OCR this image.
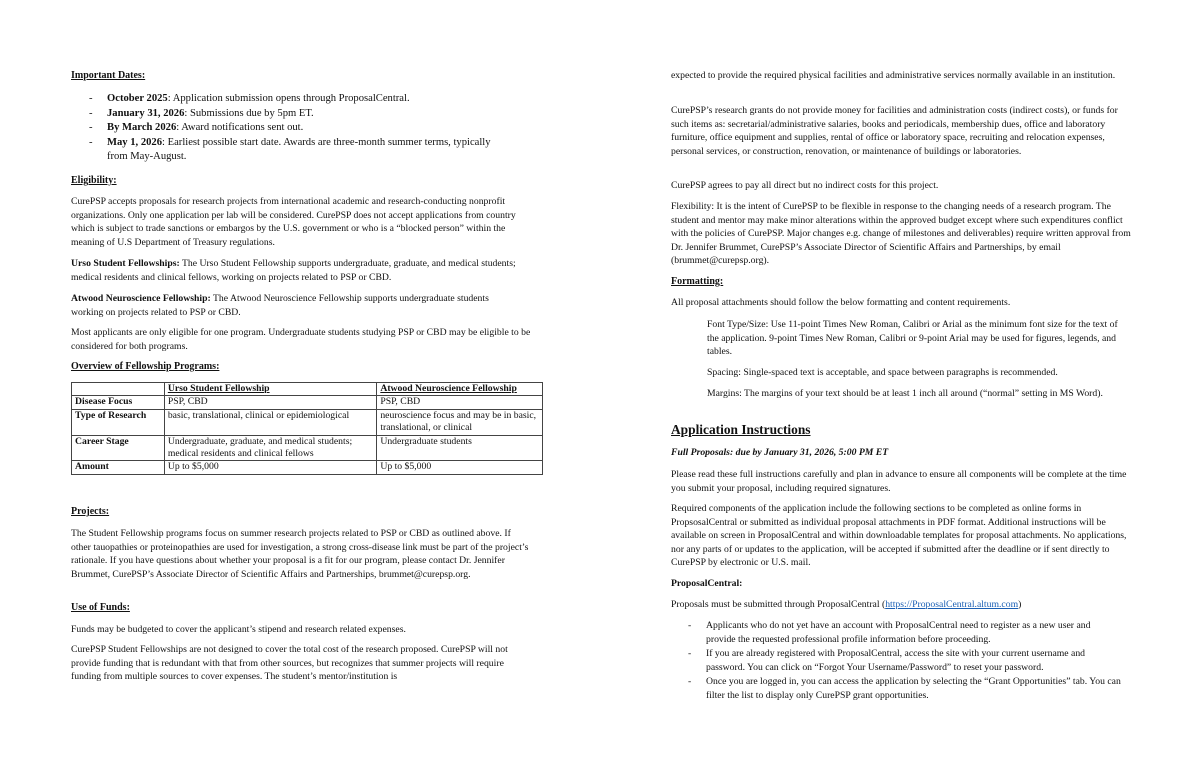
Important Dates:
- October 2025: Application submission opens through ProposalCentral.
- January 31, 2026: Submissions due by 5pm ET.
- By March 2026: Award notifications sent out.
- May 1, 2026: Earliest possible start date. Awards are three-month summer terms, typically from May-August.
Eligibility:

CurePSP accepts proposals for research projects from international academic and research-conducting nonprofit organizations. Only one application per lab will be considered. CurePSP does not accept applications from country which is subject to trade sanctions or embargos by the U.S. government or who is a “blocked person” within the meaning of U.S Department of Treasury regulations.

Urso Student Fellowships: The Urso Student Fellowship supports undergraduate, graduate, and medical students; medical residents and clinical fellows, working on projects related to PSP or CBD.

Atwood Neuroscience Fellowship: The Atwood Neuroscience Fellowship supports undergraduate students working on projects related to PSP or CBD.

Most applicants are only eligible for one program. Undergraduate students studying PSP or CBD may be eligible to be considered for both programs.

Overview of Fellowship Programs:
	Urso Student Fellowship	Atwood Neuroscience Fellowship
Disease Focus	PSP, CBD	PSP, CBD
Type of Research	basic, translational, clinical or epidemiological	neuroscience focus and may be in basic, translational, or clinical
Career Stage	Undergraduate, graduate, and medical students; medical residents and clinical fellows	Undergraduate students
Amount	Up to $5,000	Up to $5,000
Projects:

The Student Fellowship programs focus on summer research projects related to PSP or CBD as outlined above. If other tauopathies or proteinopathies are used for investigation, a strong cross-disease link must be part of the project’s rationale. If you have questions about whether your proposal is a fit for our program, please contact Dr. Jennifer Brummet, CurePSP’s Associate Director of Scientific Affairs and Partnerships, brummet@curepsp.org.

Use of Funds:

Funds may be budgeted to cover the applicant’s stipend and research related expenses.

CurePSP Student Fellowships are not designed to cover the total cost of the research proposed. CurePSP will not provide funding that is redundant with that from other sources, but recognizes that summer projects will require funding from multiple sources to cover expenses. The student’s mentor/institution is

expected to provide the required physical facilities and administrative services normally available in an institution.

CurePSP’s research grants do not provide money for facilities and administration costs (indirect costs), or funds for such items as: secretarial/administrative salaries, books and periodicals, membership dues, office and laboratory furniture, office equipment and supplies, rental of office or laboratory space, recruiting and relocation expenses, personal services, or construction, renovation, or maintenance of buildings or laboratories.

CurePSP agrees to pay all direct but no indirect costs for this project.

Flexibility: It is the intent of CurePSP to be flexible in response to the changing needs of a research program. The student and mentor may make minor alterations within the approved budget except where such expenditures conflict with the policies of CurePSP. Major changes e.g. change of milestones and deliverables) require written approval from Dr. Jennifer Brummet, CurePSP’s Associate Director of Scientific Affairs and Partnerships, by email (brummet@curepsp.org).

Formatting:

All proposal attachments should follow the below formatting and content requirements.

Font Type/Size: Use 11-point Times New Roman, Calibri or Arial as the minimum font size for the text of the application. 9-point Times New Roman, Calibri or 9-point Arial may be used for figures, legends, and tables.

Spacing: Single-spaced text is acceptable, and space between paragraphs is recommended.

Margins: The margins of your text should be at least 1 inch all around (“normal” setting in MS Word).

Application Instructions

Full Proposals: due by January 31, 2026, 5:00 PM ET

Please read these full instructions carefully and plan in advance to ensure all components will be complete at the time you submit your proposal, including required signatures.

Required components of the application include the following sections to be completed as online forms in PropsosalCentral or submitted as individual proposal attachments in PDF format. Additional instructions will be available on screen in ProposalCentral and within downloadable templates for proposal attachments. No applications, nor any parts of or updates to the application, will be accepted if submitted after the deadline or if sent directly to CurePSP by electronic or U.S. mail.

ProposalCentral:

Proposals must be submitted through ProposalCentral (https://ProposalCentral.altum.com)

- Applicants who do not yet have an account with ProposalCentral need to register as a new user and provide the requested professional profile information before proceeding.
- If you are already registered with ProposalCentral, access the site with your current username and password. You can click on “Forgot Your Username/Password” to reset your password.
- Once you are logged in, you can access the application by selecting the “Grant Opportunities” tab. You can filter the list to display only CurePSP grant opportunities.
